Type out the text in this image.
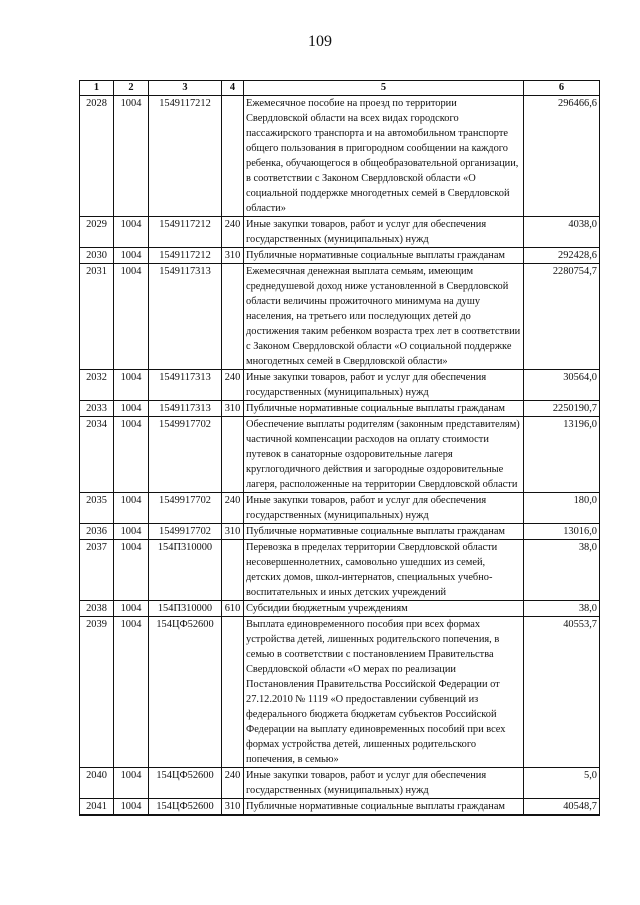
109
1	2	3	4	5	6
2028	1004	1549117212		Ежемесячное пособие на проезд по территории Свердловской области на всех видах городского пассажирского транспорта и на автомобильном транспорте общего пользования в пригородном сообщении на каждого ребенка, обучающегося в общеобразовательной организации, в соответствии с Законом Свердловской области «О социальной поддержке многодетных семей в Свердловской области»	296466,6
2029	1004	1549117212	240	Иные закупки товаров, работ и услуг для обеспечения государственных (муниципальных) нужд	4038,0
2030	1004	1549117212	310	Публичные нормативные социальные выплаты гражданам	292428,6
2031	1004	1549117313		Ежемесячная денежная выплата семьям, имеющим среднедушевой доход ниже установленной в Свердловской области величины прожиточного минимума на душу населения, на третьего или последующих детей до достижения таким ребенком возраста трех лет в соответствии с Законом Свердловской области «О социальной поддержке многодетных семей в Свердловской области»	2280754,7
2032	1004	1549117313	240	Иные закупки товаров, работ и услуг для обеспечения государственных (муниципальных) нужд	30564,0
2033	1004	1549117313	310	Публичные нормативные социальные выплаты гражданам	2250190,7
2034	1004	1549917702		Обеспечение выплаты родителям (законным представителям) частичной компенсации расходов на оплату стоимости путевок в санаторные оздоровительные лагеря круглогодичного действия и загородные оздоровительные лагеря, расположенные на территории Свердловской области	13196,0
2035	1004	1549917702	240	Иные закупки товаров, работ и услуг для обеспечения государственных (муниципальных) нужд	180,0
2036	1004	1549917702	310	Публичные нормативные социальные выплаты гражданам	13016,0
2037	1004	154П310000		Перевозка в пределах территории Свердловской области несовершеннолетних, самовольно ушедших из семей, детских домов, школ-интернатов, специальных учебно-воспитательных и иных детских учреждений	38,0
2038	1004	154П310000	610	Субсидии бюджетным учреждениям	38,0
2039	1004	154ЦФ52600		Выплата единовременного пособия при всех формах устройства детей, лишенных родительского попечения, в семью в соответствии с постановлением Правительства Свердловской области «О мерах по реализации Постановления Правительства Российской Федерации от 27.12.2010 № 1119 «О предоставлении субвенций из федерального бюджета бюджетам субъектов Российской Федерации на выплату единовременных пособий при всех формах устройства детей, лишенных родительского попечения, в семью»	40553,7
2040	1004	154ЦФ52600	240	Иные закупки товаров, работ и услуг для обеспечения государственных (муниципальных) нужд	5,0
2041	1004	154ЦФ52600	310	Публичные нормативные социальные выплаты гражданам	40548,7
